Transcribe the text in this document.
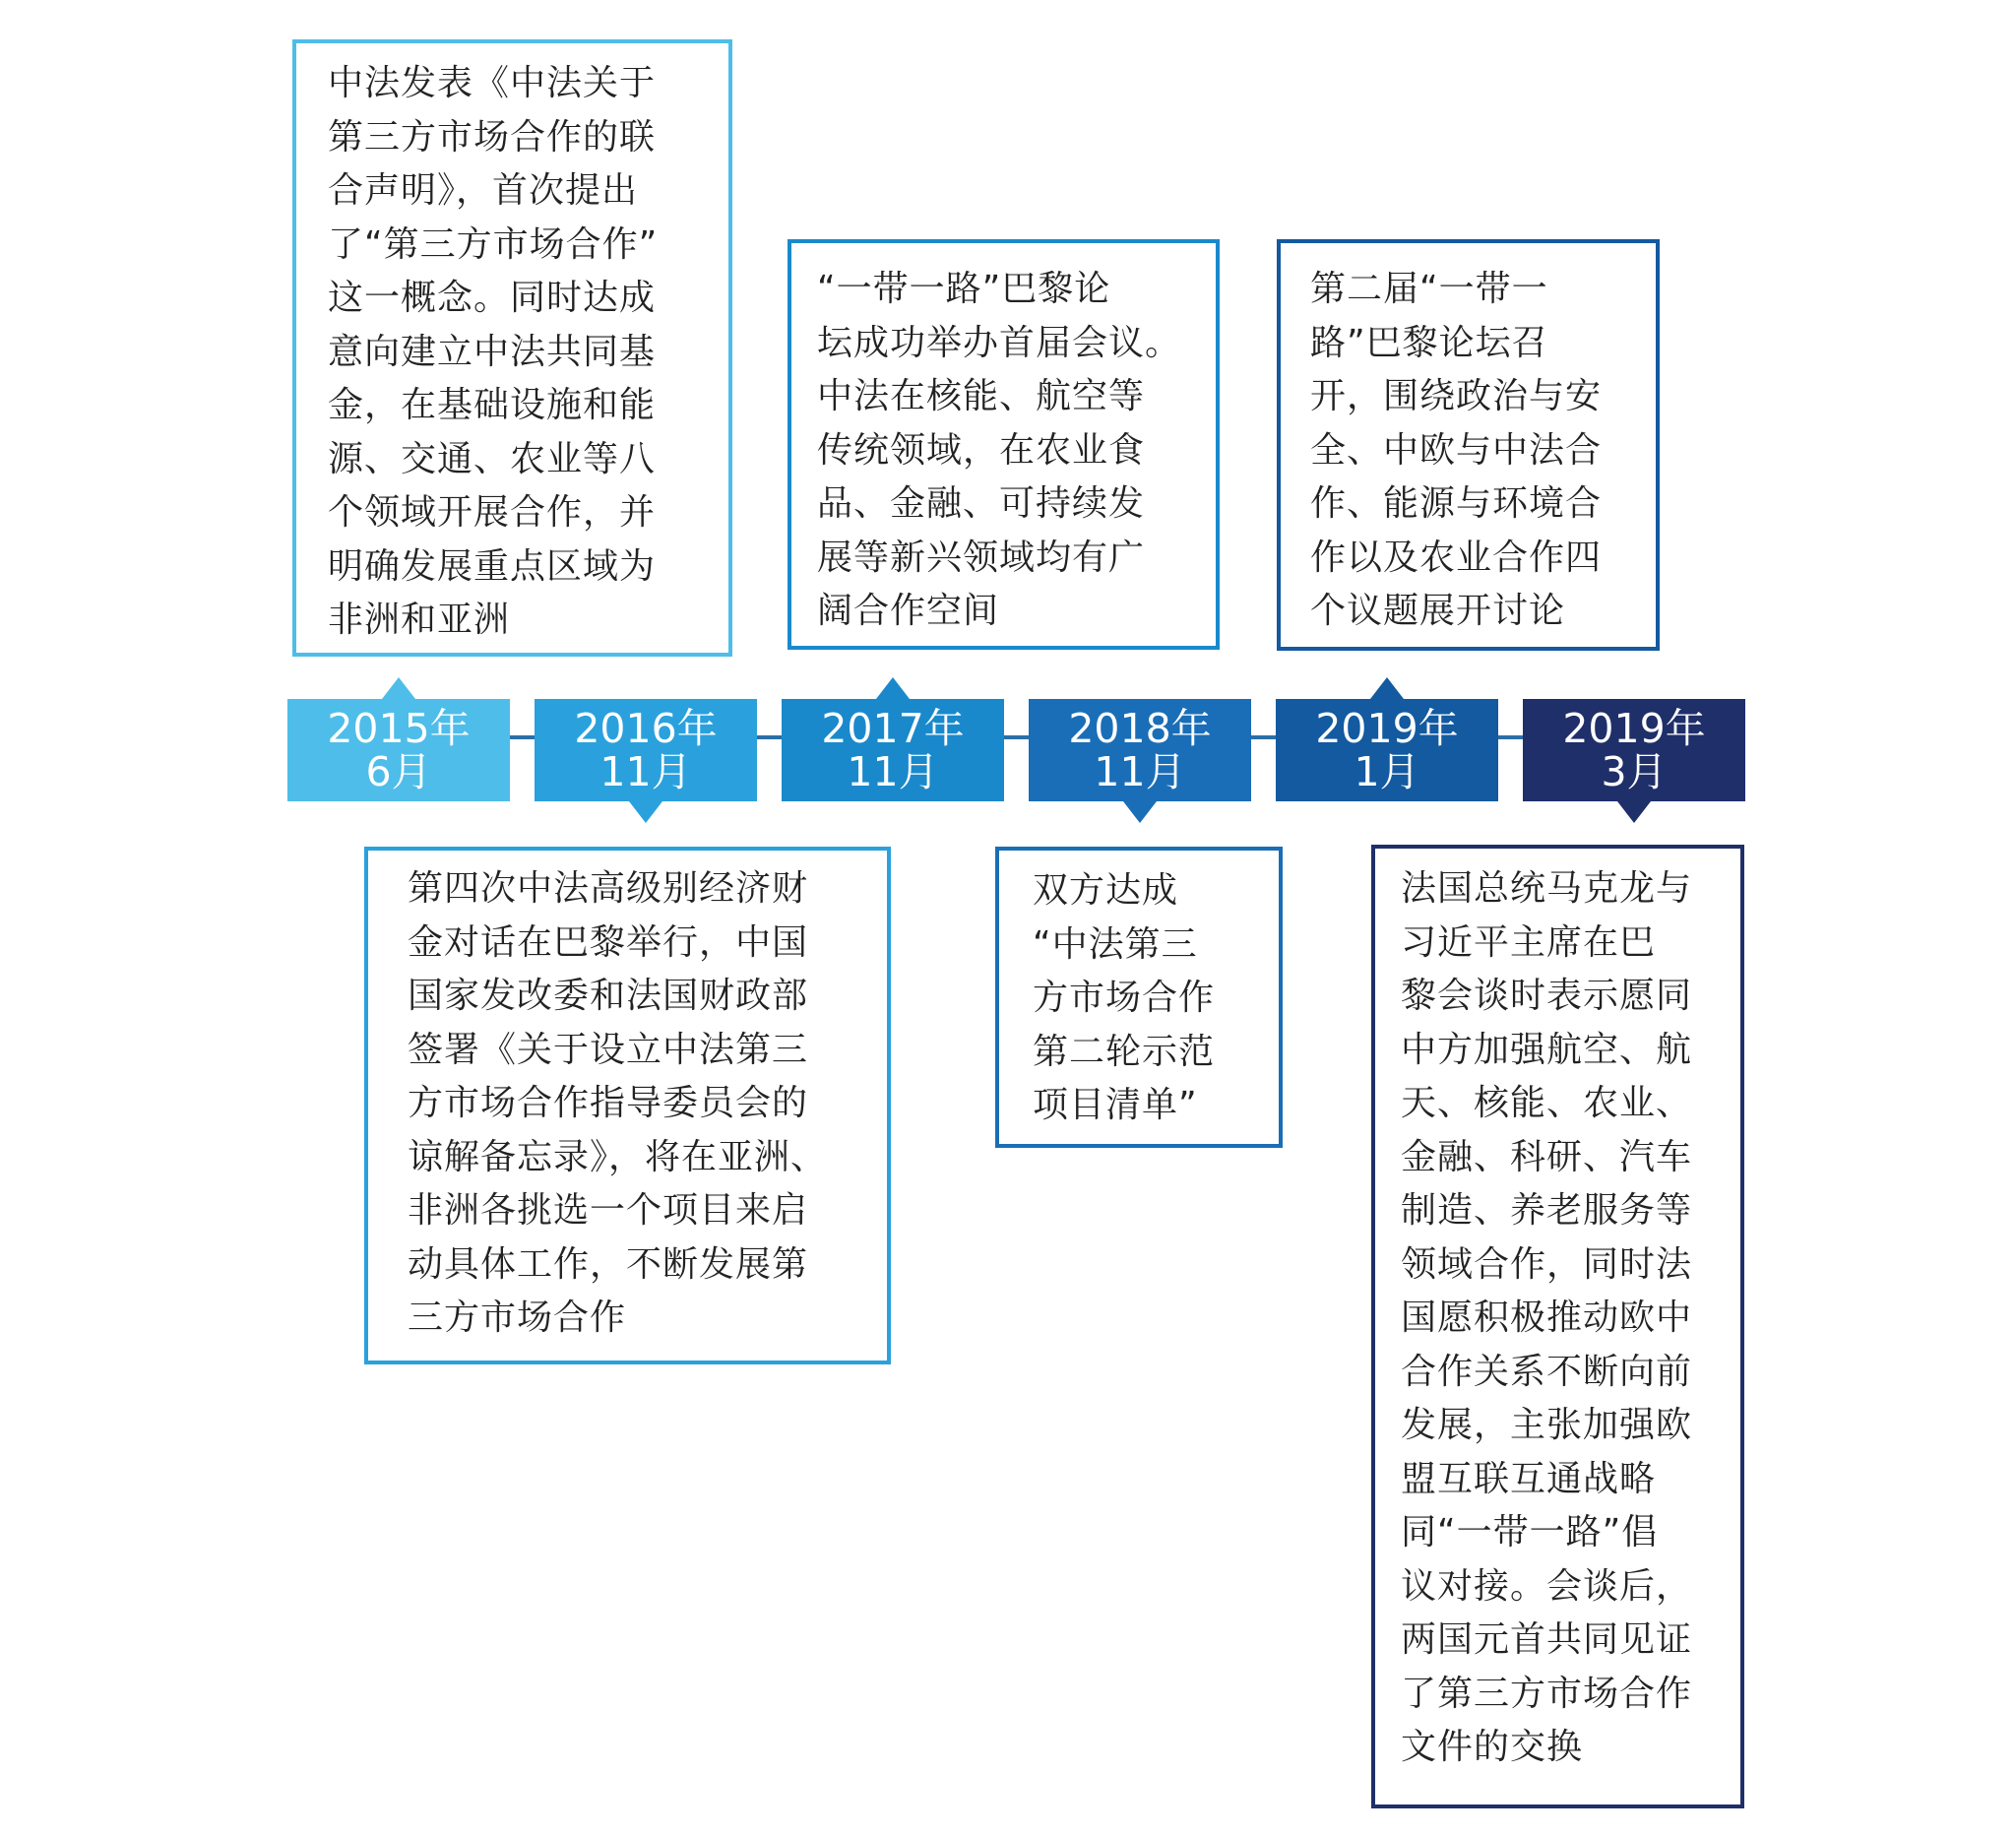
2015年
6月
2016年
11月
2017年
11月
2018年
11月
2019年
1月
2019年
3月
中法发表《中法关于
第三方市场合作的联
合声明》，首次提出
了“第三方市场合作”
这一概念。同时达成
意向建立中法共同基
金，在基础设施和能
源、交通、农业等八
个领域开展合作，并
明确发展重点区域为
非洲和亚洲
第四次中法高级别经济财
金对话在巴黎举行，中国
国家发改委和法国财政部
签署《关于设立中法第三
方市场合作指导委员会的
谅解备忘录》，将在亚洲、
非洲各挑选一个项目来启
动具体工作，不断发展第
三方市场合作
“一带一路”巴黎论
坛成功举办首届会议。
中法在核能、航空等
传统领域，在农业食
品、金融、可持续发
展等新兴领域均有广
阔合作空间
双方达成
“中法第三
方市场合作
第二轮示范
项目清单”
第二届“一带一
路”巴黎论坛召
开，围绕政治与安
全、中欧与中法合
作、能源与环境合
作以及农业合作四
个议题展开讨论
法国总统马克龙与
习近平主席在巴
黎会谈时表示愿同
中方加强航空、航
天、核能、农业、
金融、科研、汽车
制造、养老服务等
领域合作，同时法
国愿积极推动欧中
合作关系不断向前
发展，主张加强欧
盟互联互通战略
同“一带一路”倡
议对接。会谈后，
两国元首共同见证
了第三方市场合作
文件的交换
